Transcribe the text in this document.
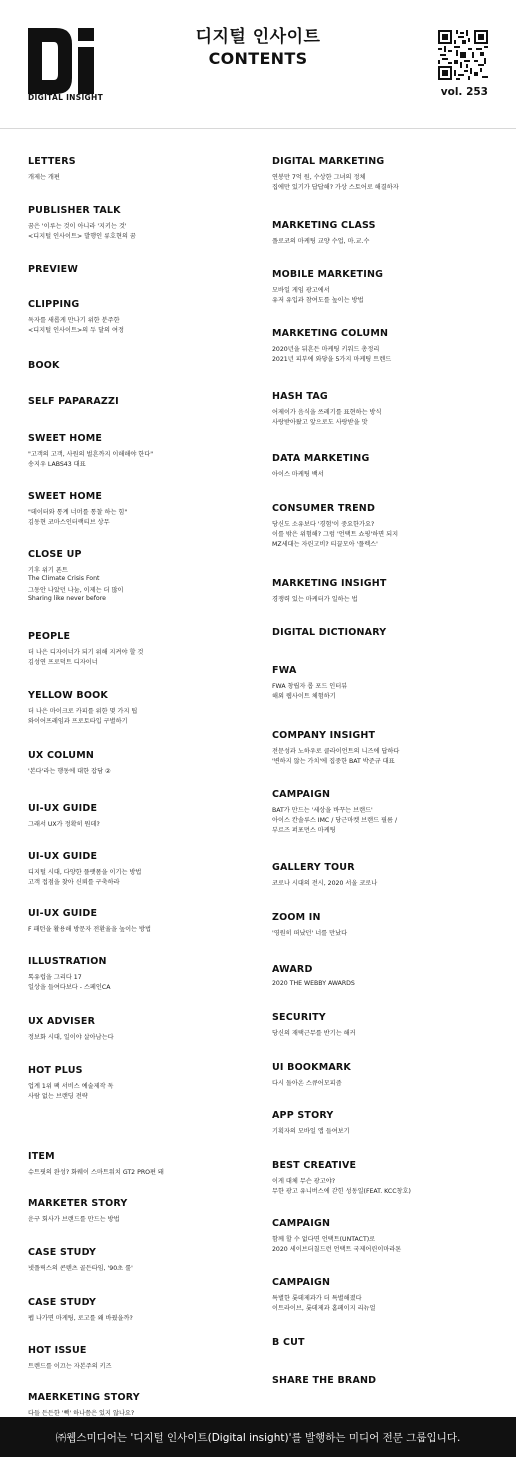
DIGITAL INSIGHT
디지털 인사이트
CONTENTS
vol. 253
LETTERS
개제는 개편
PUBLISHER TALK
꿈은 '이루는 것이 아니라 '지키는 것'
<디지털 인사이트> 발행인 류호현의 꿈
PREVIEW
CLIPPING
독자를 새롭게 만나기 위한 분주한
<디지털 인사이트>의 두 달의 여정
BOOK
SELF PAPARAZZI
SWEET HOME
"고객의 고객, 사원의 벌흔까지 이해해야 한다"
송지우 LABS43 대표
SWEET HOME
"데이터와 통계 너머를 통찰 하는 힘"
김동현 코마스인터랙티브 상무
CLOSE UP
기후 위기 폰트
The Climate Crisis Font
그동안 나았던 나눔, 이제는 더 많이
Sharing like never before
PEOPLE
더 나은 디자이너가 되기 위해 지켜야 할 것
김성연 프로덕트 디자이너
YELLOW BOOK
더 나은 마이크로 카피를 위한 몇 가지 팁
와이어프레임과 프로토타입 구별하기
UX COLUMN
'본다'라는 행동에 대한 잡담 ②
UI-UX GUIDE
그래서 UX가 정확히 뭔데?
UI-UX GUIDE
디지털 시대, 다양한 플랫폼을 이기는 방법
고객 접점을 찾아 신뢰를 구축하라
UI-UX GUIDE
F 패턴을 활용해 방문자 전환율을 높이는 방법
ILLUSTRATION
톡유럽을 그리다 17
일상을 들여다보다 - 스페인CA
UX ADVISER
정보화 시대, 일이야 살아남는다
HOT PLUS
업계 1위 팩 서비스 예술제작 독
사람 없는 브랜딩 전략
ITEM
슈트핏의 완성? 화웨이 스마트워치 GT2 PRO편 돼
MARKETER STORY
운구 회사가 브랜드를 만드는 방법
CASE STUDY
넷플릭스의 콘텐츠 골든타임, '90초 룰'
CASE STUDY
펩 나가면 마게팅, 로고를 왜 바꿨을까?
HOT ISSUE
트렌드를 이끄는 자본주의 키즈
MAERKETING STORY
다들 든든한 '빽' 하나쯤은 있지 않나요?
DIGITAL MARKETING
연봉만 7억 원, 수상한 그녀의 정체
집에만 있기가 답답해? 가상 스토어로 해결하자
MARKETING CLASS
플로코의 마케팅 교양 수업, 마.교.수
MOBILE MARKETING
모바일 게임 광고에서
유저 유입과 참여도를 높이는 방법
MARKETING COLUMN
2020년을 뒤흔든 마케팅 키워드 총정리
2021년 피부에 와닿을 5가지 마케팅 트렌드
HASH TAG
어제이가 음식을 쓰레기를 표현하는 방식
사랑받아왔고 앞으로도 사랑받을 맛
DATA MARKETING
아이스 마케팅 백서
CONSUMER TREND
당신도 소유보다 '경험'이 중요한가요?
이를 밖은 위험해? 그럼 '언택트 쇼핑'하면 되지
MZ세대는 자린고비? 티끌모아 '플렉스'
MARKETING INSIGHT
경쟁력 있는 마케터가 일하는 법
DIGITAL DICTIONARY
FWA
FWA 창립자 롭 포드 인터뷰
해외 웹사이트 체험하기
COMPANY INSIGHT
전문성과 노하우로 클라이언트의 니즈에 답하다
'변하지 않는 가치'에 집중한 BAT 박준규 대표
CAMPAIGN
BAT가 만드는 '세상을 바꾸는 브랜드'
아이스 칸솔루스 IMC / 당근마켓 브랜드 필름 /
부르즈 퍼포먼스 마케팅
GALLERY TOUR
코로나 시대의 전시, 2020 서울 코로나
ZOOM IN
'영원히 떠났던' 너를 만났다
AWARD
2020 THE WEBBY AWARDS
SECURITY
당신의 재택근무를 반기는 해커
UI BOOKMARK
다시 돌아온 스큐어모피즘
APP STORY
기획자의 모바일 앱 들여보기
BEST CREATIVE
이게 대체 무슨 광고야?
무한 광고 유니버스에 갇힌 성동일(FEAT. KCC창호)
CAMPAIGN
함께 할 수 없다면 언택트(UNTACT)로
2020 세이브더칠드런 언택트 국제어린이마라톤
CAMPAIGN
특별한 롯데제과가 더 특별해졌다
이트라이브, 롯데제과 홈페이지 리뉴얼
B CUT
SHARE THE BRAND
㈜웹스미디어는 '디지털 인사이트(Digital insight)'를 발행하는 미디어 전문 그룹입니다.
